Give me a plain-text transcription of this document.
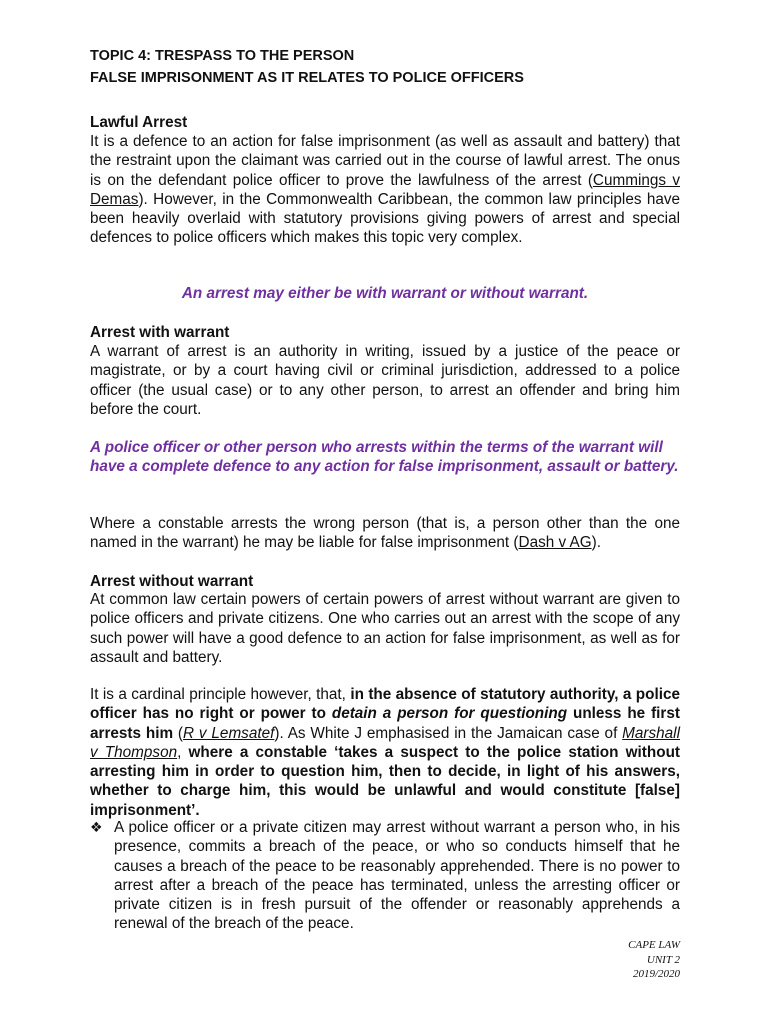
TOPIC 4: TRESPASS TO THE PERSON
FALSE IMPRISONMENT AS IT RELATES TO POLICE OFFICERS
Lawful Arrest
It is a defence to an action for false imprisonment (as well as assault and battery) that the restraint upon the claimant was carried out in the course of lawful arrest. The onus is on the defendant police officer to prove the lawfulness of the arrest (Cummings v Demas). However, in the Commonwealth Caribbean, the common law principles have been heavily overlaid with statutory provisions giving powers of arrest and special defences to police officers which makes this topic very complex.
An arrest may either be with warrant or without warrant.
Arrest with warrant
A warrant of arrest is an authority in writing, issued by a justice of the peace or magistrate, or by a court having civil or criminal jurisdiction, addressed to a police officer (the usual case) or to any other person, to arrest an offender and bring him before the court.
A police officer or other person who arrests within the terms of the warrant will have a complete defence to any action for false imprisonment, assault or battery.
Where a constable arrests the wrong person (that is, a person other than the one named in the warrant) he may be liable for false imprisonment (Dash v AG).
Arrest without warrant
At common law certain powers of certain powers of arrest without warrant are given to police officers and private citizens. One who carries out an arrest with the scope of any such power will have a good defence to an action for false imprisonment, as well as for assault and battery.
It is a cardinal principle however, that, in the absence of statutory authority, a police officer has no right or power to detain a person for questioning unless he first arrests him (R v Lemsatef). As White J emphasised in the Jamaican case of Marshall v Thompson, where a constable ‘takes a suspect to the police station without arresting him in order to question him, then to decide, in light of his answers, whether to charge him, this would be unlawful and would constitute [false] imprisonment’.
❖ A police officer or a private citizen may arrest without warrant a person who, in his presence, commits a breach of the peace, or who so conducts himself that he causes a breach of the peace to be reasonably apprehended. There is no power to arrest after a breach of the peace has terminated, unless the arresting officer or private citizen is in fresh pursuit of the offender or reasonably apprehends a renewal of the breach of the peace.
CAPE LAW
UNIT 2
2019/2020
